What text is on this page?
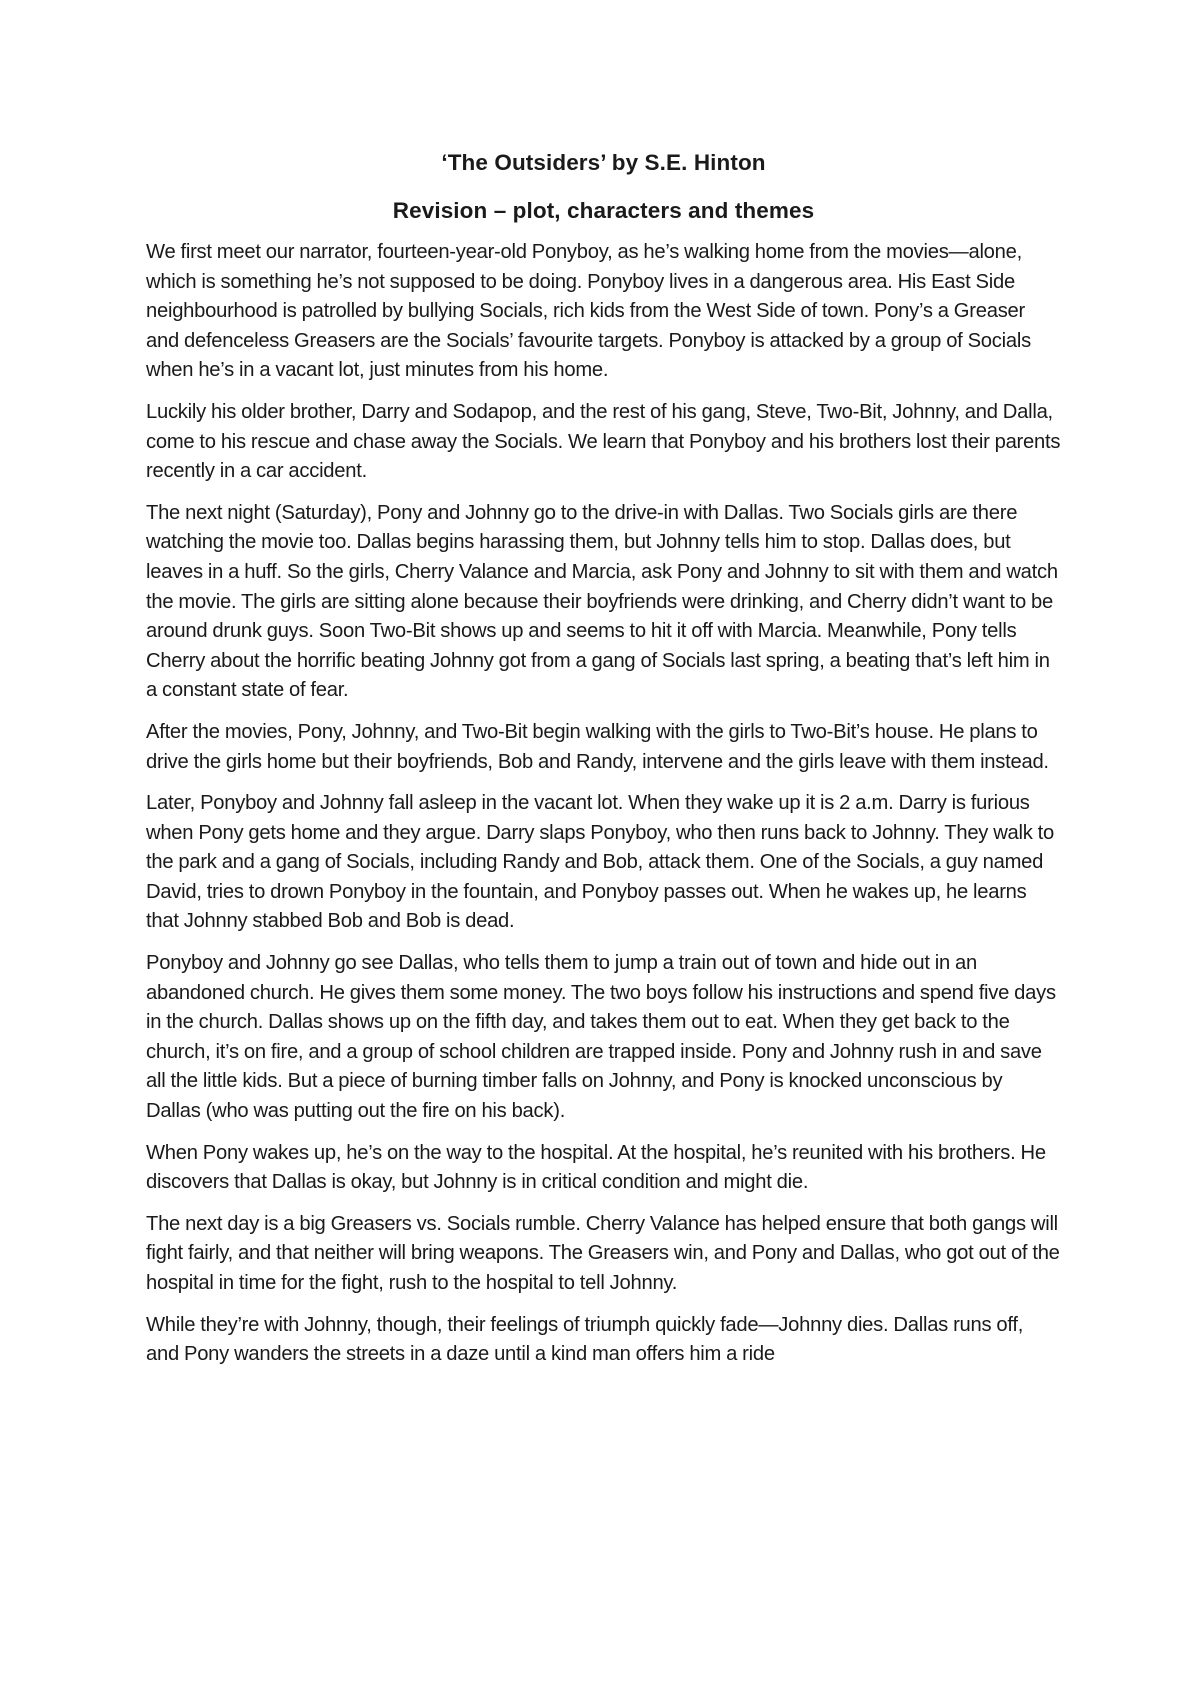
‘The Outsiders’ by S.E. Hinton
Revision – plot, characters and themes

We first meet our narrator, fourteen-year-old Ponyboy, as he’s walking home from the movies—alone, which is something he’s not supposed to be doing. Ponyboy lives in a dangerous area. His East Side neighbourhood is patrolled by bullying Socials, rich kids from the West Side of town. Pony’s a Greaser and defenceless Greasers are the Socials’ favourite targets. Ponyboy is attacked by a group of Socials when he’s in a vacant lot, just minutes from his home.

Luckily his older brother, Darry and Sodapop, and the rest of his gang, Steve, Two-Bit, Johnny, and Dalla, come to his rescue and chase away the Socials. We learn that Ponyboy and his brothers lost their parents recently in a car accident.

The next night (Saturday), Pony and Johnny go to the drive-in with Dallas. Two Socials girls are there watching the movie too. Dallas begins harassing them, but Johnny tells him to stop. Dallas does, but leaves in a huff. So the girls, Cherry Valance and Marcia, ask Pony and Johnny to sit with them and watch the movie. The girls are sitting alone because their boyfriends were drinking, and Cherry didn’t want to be around drunk guys. Soon Two-Bit shows up and seems to hit it off with Marcia. Meanwhile, Pony tells Cherry about the horrific beating Johnny got from a gang of Socials last spring, a beating that’s left him in a constant state of fear.

After the movies, Pony, Johnny, and Two-Bit begin walking with the girls to Two-Bit’s house. He plans to drive the girls home but their boyfriends, Bob and Randy, intervene and the girls leave with them instead.

Later, Ponyboy and Johnny fall asleep in the vacant lot. When they wake up it is 2 a.m. Darry is furious when Pony gets home and they argue. Darry slaps Ponyboy, who then runs back to Johnny. They walk to the park and a gang of Socials, including Randy and Bob, attack them. One of the Socials, a guy named David, tries to drown Ponyboy in the fountain, and Ponyboy passes out. When he wakes up, he learns that Johnny stabbed Bob and Bob is dead.

Ponyboy and Johnny go see Dallas, who tells them to jump a train out of town and hide out in an abandoned church. He gives them some money. The two boys follow his instructions and spend five days in the church. Dallas shows up on the fifth day, and takes them out to eat. When they get back to the church, it’s on fire, and a group of school children are trapped inside. Pony and Johnny rush in and save all the little kids. But a piece of burning timber falls on Johnny, and Pony is knocked unconscious by Dallas (who was putting out the fire on his back).

When Pony wakes up, he’s on the way to the hospital. At the hospital, he’s reunited with his brothers. He discovers that Dallas is okay, but Johnny is in critical condition and might die.

The next day is a big Greasers vs. Socials rumble. Cherry Valance has helped ensure that both gangs will fight fairly, and that neither will bring weapons. The Greasers win, and Pony and Dallas, who got out of the hospital in time for the fight, rush to the hospital to tell Johnny.

While they’re with Johnny, though, their feelings of triumph quickly fade—Johnny dies. Dallas runs off, and Pony wanders the streets in a daze until a kind man offers him a ride
